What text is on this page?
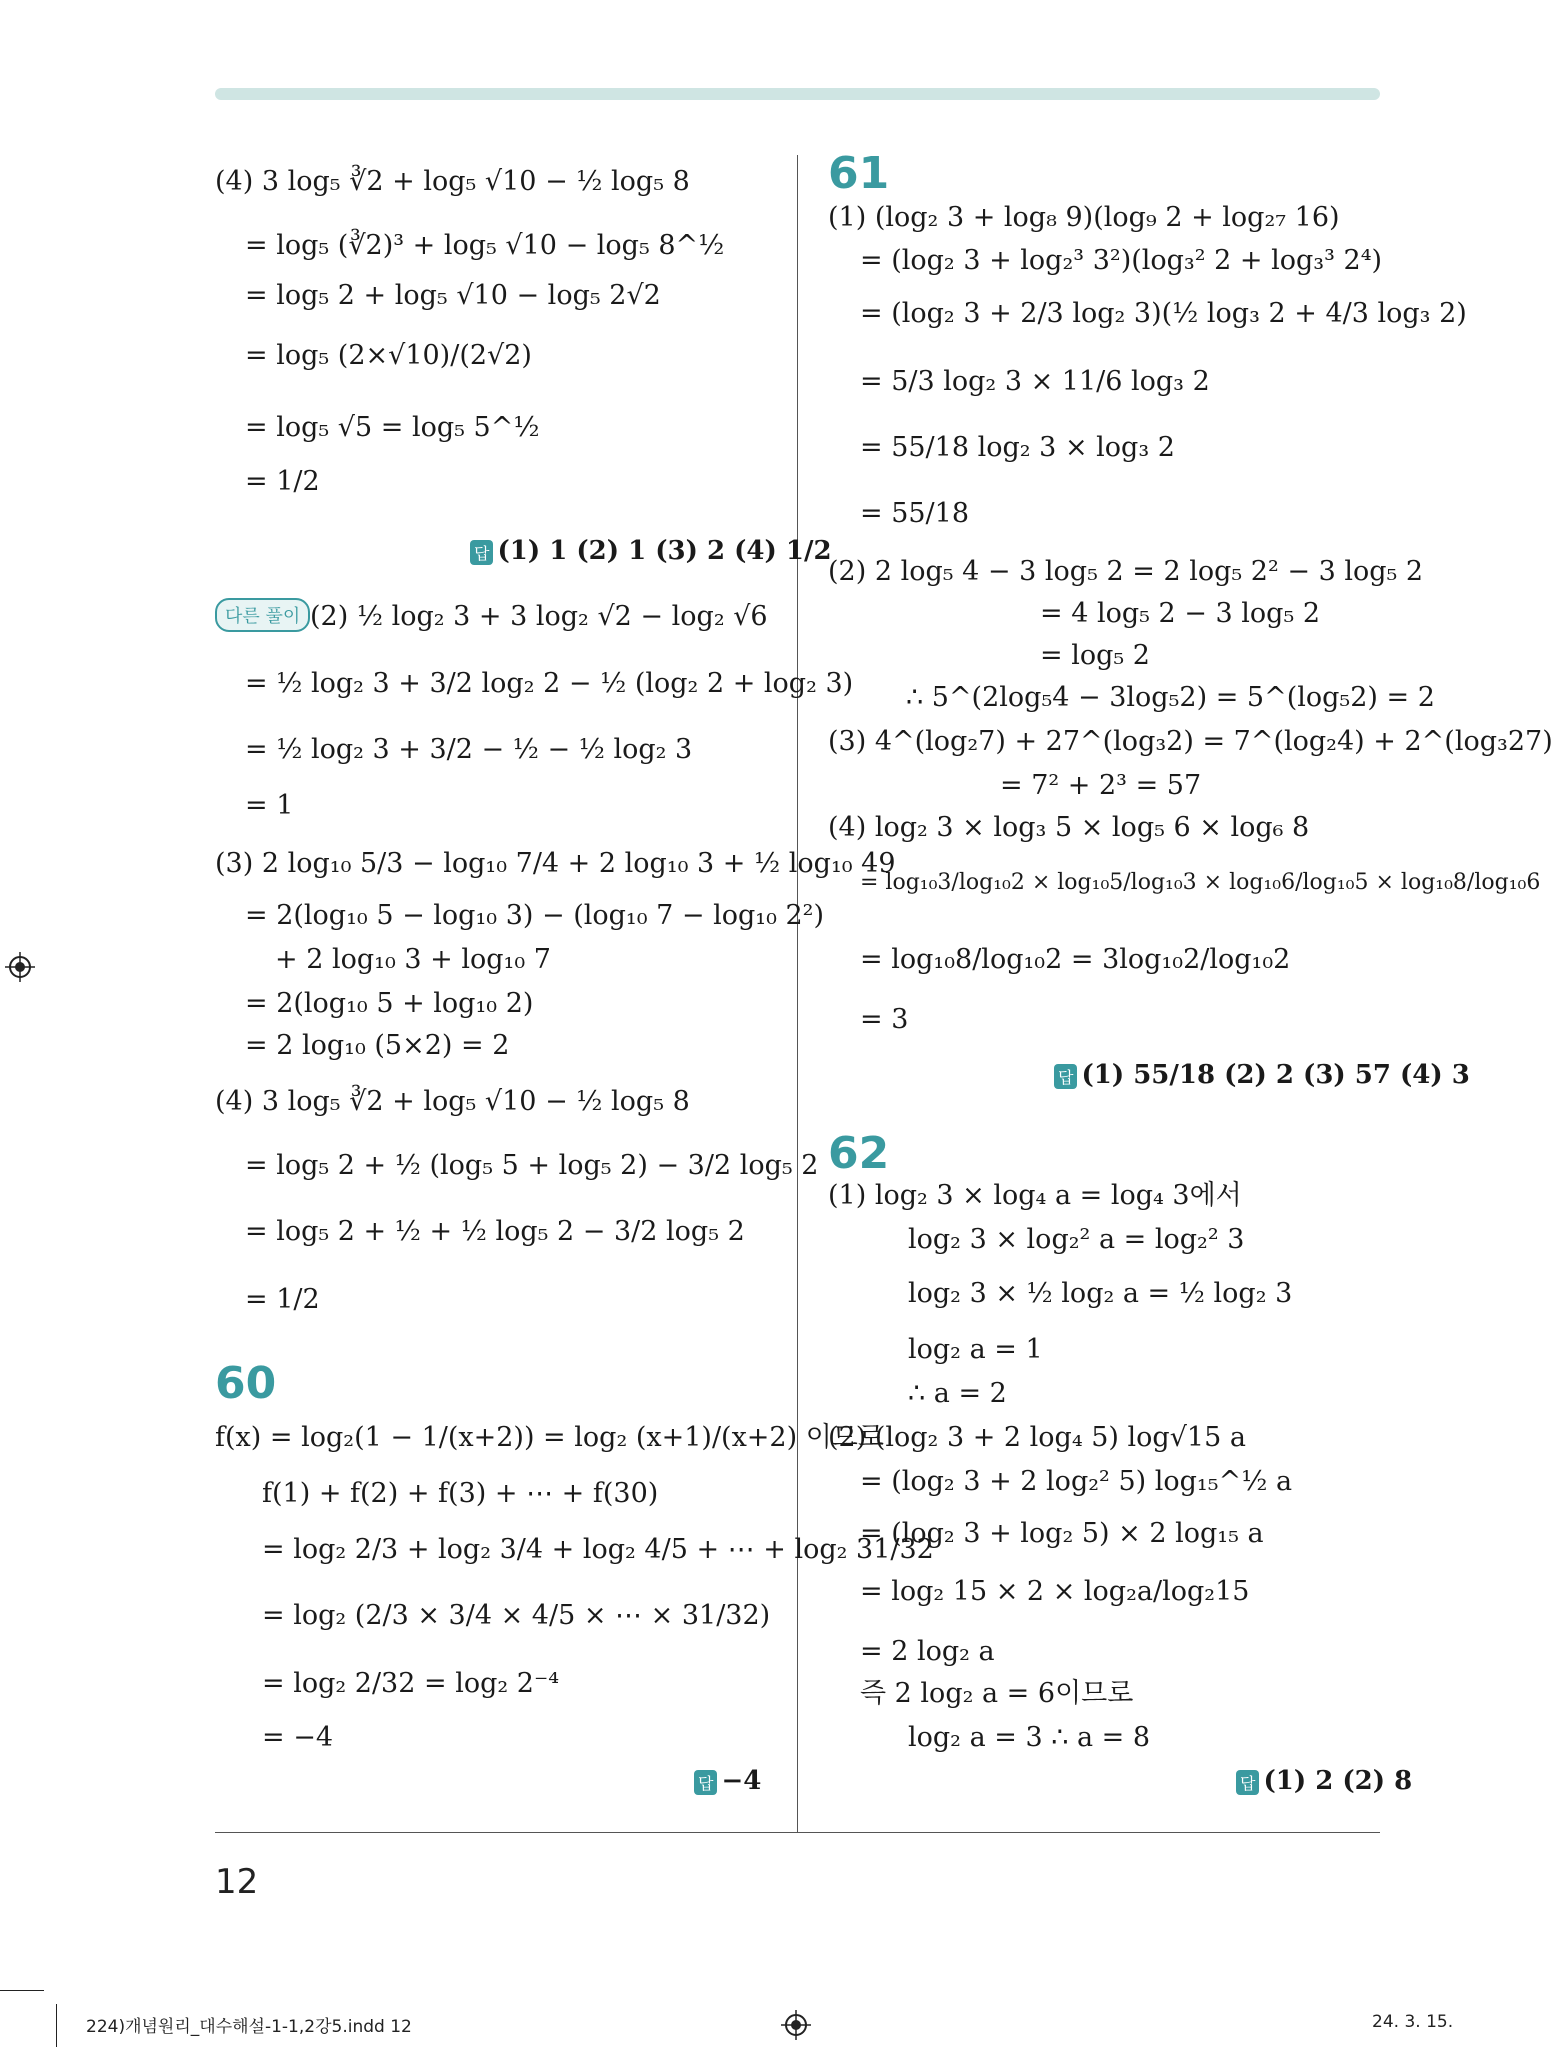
(4) 3 log₅ ∛2 + log₅ √10 − ½ log₅ 8
= log₅ (∛2)³ + log₅ √10 − log₅ 8^½
= log₅ 2 + log₅ √10 − log₅ 2√2
= log₅ (2×√10)/(2√2)
= log₅ √5 = log₅ 5^½
= 1/2
답 (1) 1 (2) 1 (3) 2 (4) 1/2
다른 풀이 (2) ½ log₂ 3 + 3 log₂ √2 − log₂ √6
= ½ log₂ 3 + 3/2 log₂ 2 − ½ (log₂ 2 + log₂ 3)
= ½ log₂ 3 + 3/2 − ½ − ½ log₂ 3
= 1
(3) 2 log₁₀ 5/3 − log₁₀ 7/4 + 2 log₁₀ 3 + ½ log₁₀ 49
= 2(log₁₀ 5 − log₁₀ 3) − (log₁₀ 7 − log₁₀ 2²)
+ 2 log₁₀ 3 + log₁₀ 7
= 2(log₁₀ 5 + log₁₀ 2)
= 2 log₁₀ (5×2) = 2
(4) 3 log₅ ∛2 + log₅ √10 − ½ log₅ 8
= log₅ 2 + ½ (log₅ 5 + log₅ 2) − 3/2 log₅ 2
= log₅ 2 + ½ + ½ log₅ 2 − 3/2 log₅ 2
= 1/2
60
f(x) = log₂(1 − 1/(x+2)) = log₂ (x+1)/(x+2) 이므로
f(1) + f(2) + f(3) + ⋯ + f(30)
= log₂ 2/3 + log₂ 3/4 + log₂ 4/5 + ⋯ + log₂ 31/32
= log₂ (2/3 × 3/4 × 4/5 × ⋯ × 31/32)
= log₂ 2/32 = log₂ 2⁻⁴
= −4
답 −4
61
(1) (log₂ 3 + log₈ 9)(log₉ 2 + log₂₇ 16)
= (log₂ 3 + log₂³ 3²)(log₃² 2 + log₃³ 2⁴)
= (log₂ 3 + 2/3 log₂ 3)(½ log₃ 2 + 4/3 log₃ 2)
= 5/3 log₂ 3 × 11/6 log₃ 2
= 55/18 log₂ 3 × log₃ 2
= 55/18
(2) 2 log₅ 4 − 3 log₅ 2 = 2 log₅ 2² − 3 log₅ 2
= 4 log₅ 2 − 3 log₅ 2
= log₅ 2
∴ 5^(2log₅4 − 3log₅2) = 5^(log₅2) = 2
(3) 4^(log₂7) + 27^(log₃2) = 7^(log₂4) + 2^(log₃27)
= 7² + 2³ = 57
(4) log₂ 3 × log₃ 5 × log₅ 6 × log₆ 8
= log₁₀3/log₁₀2 × log₁₀5/log₁₀3 × log₁₀6/log₁₀5 × log₁₀8/log₁₀6
= log₁₀8/log₁₀2 = 3log₁₀2/log₁₀2
= 3
답 (1) 55/18 (2) 2 (3) 57 (4) 3
62
(1) log₂ 3 × log₄ a = log₄ 3에서
log₂ 3 × log₂² a = log₂² 3
log₂ 3 × ½ log₂ a = ½ log₂ 3
log₂ a = 1
∴ a = 2
(2) (log₂ 3 + 2 log₄ 5) log√15 a
= (log₂ 3 + 2 log₂² 5) log₁₅^½ a
= (log₂ 3 + log₂ 5) × 2 log₁₅ a
= log₂ 15 × 2 × log₂a/log₂15
= 2 log₂ a
즉 2 log₂ a = 6이므로
log₂ a = 3 ∴ a = 8
답 (1) 2 (2) 8
12
224)개념원리_대수해설-1-1,2강5.indd 12	24. 3. 15.
